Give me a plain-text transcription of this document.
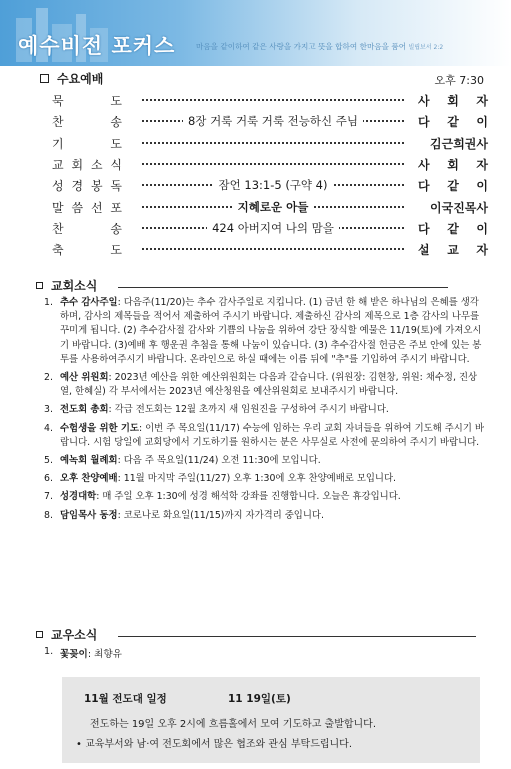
예수비전 포커스	마음을 같이하여 같은 사랑을 가지고 뜻을 합하여 한마음을 품어 빌립보서 2:2
수요예배	오후 7:30
묵	도	사 회 자
찬	송	8장 거룩 거룩 거룩 전능하신 주님	다 같 이
기	도	김근희권사
교 회 소 식	사 회 자
성 경 봉 독	잠언 13:1-5 (구약 4)	다 같 이
말 씀 선 포	지혜로운 아들	이국진목사
찬	송	424 아버지여 나의 맘을	다 같 이
축	도	설 교 자
교회소식
1. 추수 감사주일: 다음주(11/20)는 추수 감사주일로 지킵니다. (1) 금년 한 해 받은 하나님의 은혜를 생각하며, 감사의 제목들을 적어서 제출하여 주시기 바랍니다. 제출하신 감사의 제목으로 1층 감사의 나무를 꾸미게 됩니다. (2) 추수감사절 감사와 기쁨의 나눔을 위하여 강단 장식할 예물은 11/19(토)에 가져오시기 바랍니다. (3)예배 후 행운권 추첨을 통해 나눔이 있습니다. (3) 추수감사절 헌금은 주보 안에 있는 봉투를 사용하여주시기 바랍니다. 온라인으로 하실 때에는 이름 뒤에 "추"를 기입하여 주시기 바랍니다.
2. 예산 위원회: 2023년 예산을 위한 예산위원회는 다음과 같습니다. (위원장: 김현창, 위원: 채수정, 진상열, 한혜실) 각 부서에서는 2023년 예산청원을 예산위원회로 보내주시기 바랍니다.
3. 전도회 총회: 각급 전도회는 12월 초까지 새 임원진을 구성하여 주시기 바랍니다.
4. 수험생을 위한 기도: 이번 주 목요일(11/17) 수능에 임하는 우리 교회 자녀들을 위하여 기도해 주시기 바랍니다. 시험 당일에 교회당에서 기도하기를 원하시는 분은 사무실로 사전에 문의하여 주시기 바랍니다.
5. 예녹회 월례회: 다음 주 목요일(11/24) 오전 11:30에 모입니다.
6. 오후 찬양예배: 11월 마지막 주일(11/27) 오후 1:30에 오후 찬양예배로 모입니다.
7. 성경대학: 매 주일 오후 1:30에 성경 해석학 강좌를 진행합니다. 오늘은 휴강입니다.
8. 담임목사 동정: 코로나로 화요일(11/15)까지 자가격리 중입니다.
교우소식
1. 꽃꽂이 : 최향유
11월 전도대 일정	11 19일(토)
전도하는 19일 오후 2시에 흐름홀에서 모여 기도하고 출발합니다.
• 교육부서와 남·여 전도회에서 많은 협조와 관심 부탁드립니다.
